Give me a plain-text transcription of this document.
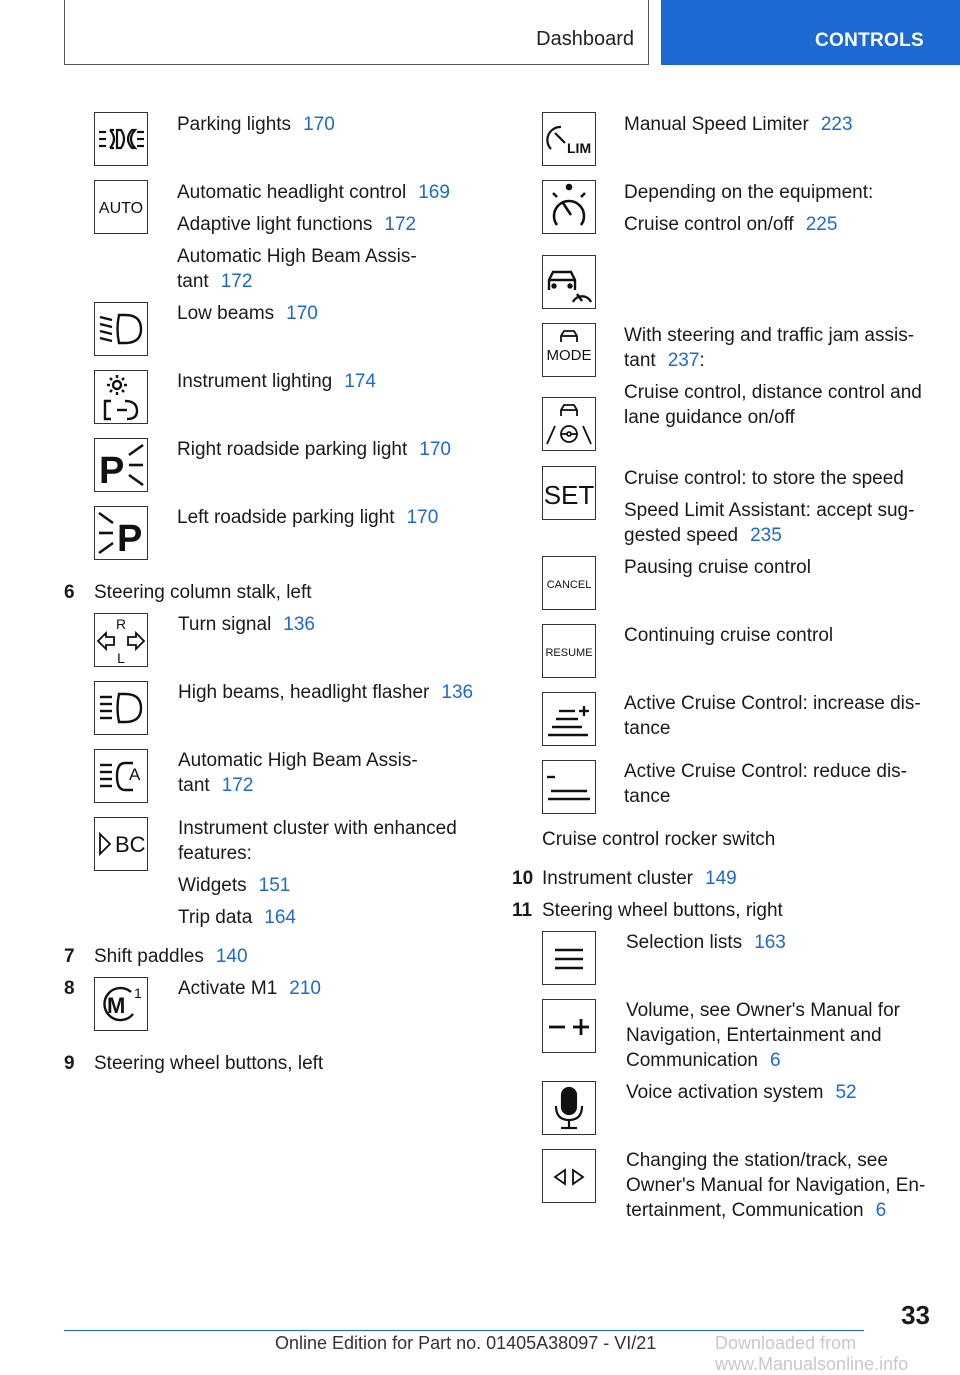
Dashboard	CONTROLS
Parking lights 170
AUTO
Automatic headlight control 169
Adaptive light functions 172
Automatic High Beam Assis-
tant 172
Low beams 170
Instrument lighting 174
P
Right roadside parking light 170
P
Left roadside parking light 170
6 Steering column stalk, left
R
L
Turn signal 136
High beams, headlight flasher 136
A
Automatic High Beam Assis-
tant 172
BC
Instrument cluster with enhanced
features:
Widgets 151
Trip data 164
7 Shift paddles 140
8
M 1 Activate M1 210
9 Steering wheel buttons, left
LIM
Manual Speed Limiter 223
Depending on the equipment:
Cruise control on/off 225
MODE
With steering and traffic jam assis-
tant 237:
Cruise control, distance control and
lane guidance on/off
SET
Cruise control: to store the speed
Speed Limit Assistant: accept sug-
gested speed 235
CANCEL
Pausing cruise control
RESUME
Continuing cruise control
Active Cruise Control: increase dis-
tance
Active Cruise Control: reduce dis-
tance
Cruise control rocker switch
10 Instrument cluster 149
11 Steering wheel buttons, right
Selection lists 163
Volume, see Owner's Manual for
Navigation, Entertainment and
Communication 6
Voice activation system 52
Changing the station/track, see
Owner's Manual for Navigation, En-
tertainment, Communication 6
33
Downloaded from www.Manualsonline.info
Online Edition for Part no. 01405A38097 - VI/21
